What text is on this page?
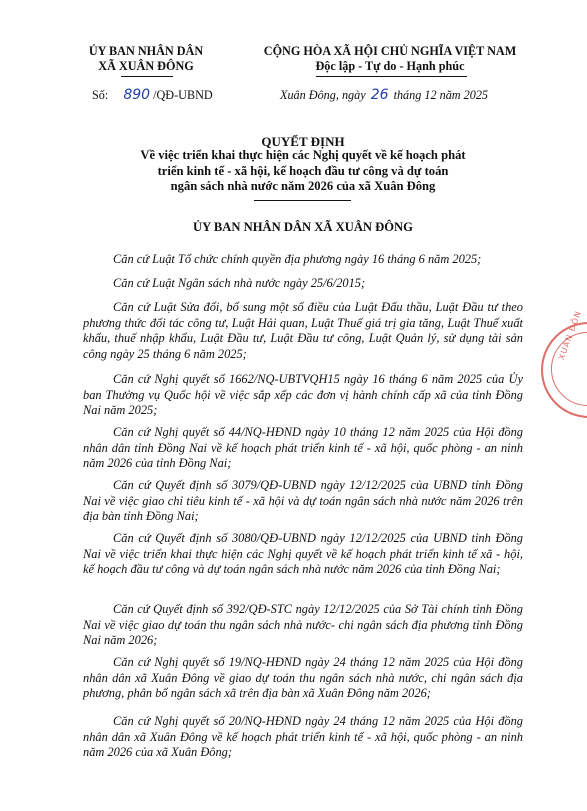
ỦY BAN NHÂN DÂN
XÃ XUÂN ĐÔNG
CỘNG HÒA XÃ HỘI CHỦ NGHĨA VIỆT NAM
Độc lập - Tự do - Hạnh phúc
Số: 890 /QĐ-UBND	Xuân Đông, ngày 26 tháng 12 năm 2025
QUYẾT ĐỊNH
Về việc triển khai thực hiện các Nghị quyết về kế hoạch phát
triển kinh tế - xã hội, kế hoạch đầu tư công và dự toán
ngân sách nhà nước năm 2026 của xã Xuân Đông
ỦY BAN NHÂN DÂN XÃ XUÂN ĐÔNG

Căn cứ Luật Tổ chức chính quyền địa phương ngày 16 tháng 6 năm 2025;

Căn cứ Luật Ngân sách nhà nước ngày 25/6/2015;

Căn cứ Luật Sửa đổi, bổ sung một số điều của Luật Đấu thầu, Luật Đầu tư theo phương thức đối tác công tư, Luật Hải quan, Luật Thuế giá trị gia tăng, Luật Thuế xuất khẩu, thuế nhập khẩu, Luật Đầu tư, Luật Đầu tư công, Luật Quản lý, sử dụng tài sản công ngày 25 tháng 6 năm 2025;

Căn cứ Nghị quyết số 1662/NQ-UBTVQH15 ngày 16 tháng 6 năm 2025 của Ủy ban Thường vụ Quốc hội về việc sắp xếp các đơn vị hành chính cấp xã của tỉnh Đồng Nai năm 2025;

Căn cứ Nghị quyết số 44/NQ-HĐND ngày 10 tháng 12 năm 2025 của Hội đồng nhân dân tỉnh Đồng Nai về kế hoạch phát triển kinh tế - xã hội, quốc phòng - an ninh năm 2026 của tỉnh Đồng Nai;

Căn cứ Quyết định số 3079/QĐ-UBND ngày 12/12/2025 của UBND tỉnh Đồng Nai về việc giao chỉ tiêu kinh tế - xã hội và dự toán ngân sách nhà nước năm 2026 trên địa bàn tỉnh Đồng Nai;

Căn cứ Quyết định số 3080/QĐ-UBND ngày 12/12/2025 của UBND tỉnh Đồng Nai về việc triển khai thực hiện các Nghị quyết về kế hoạch phát triển kinh tế xã - hội, kế hoạch đầu tư công và dự toán ngân sách nhà nước năm 2026 của tỉnh Đồng Nai;

Căn cứ Quyết định số 392/QĐ-STC ngày 12/12/2025 của Sở Tài chính tỉnh Đồng Nai về việc giao dự toán thu ngân sách nhà nước- chi ngân sách địa phương tỉnh Đồng Nai năm 2026;

Căn cứ Nghị quyết số 19/NQ-HĐND ngày 24 tháng 12 năm 2025 của Hội đồng nhân dân xã Xuân Đông về giao dự toán thu ngân sách nhà nước, chi ngân sách địa phương, phân bổ ngân sách xã trên địa bàn xã Xuân Đông năm 2026;

Căn cứ Nghị quyết số 20/NQ-HĐND ngày 24 tháng 12 năm 2025 của Hội đồng nhân dân xã Xuân Đông về kế hoạch phát triển kinh tế - xã hội, quốc phòng - an ninh năm 2026 của xã Xuân Đông;

XUÂN ĐÔN
